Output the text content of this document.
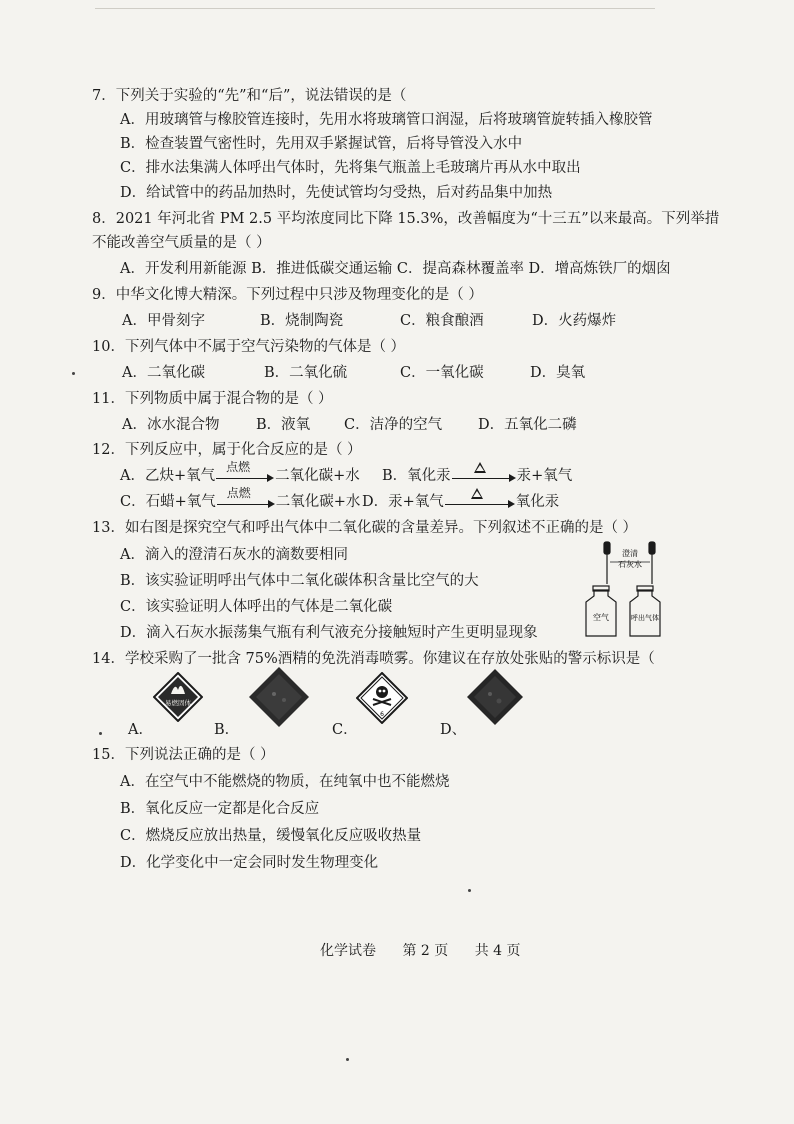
7．下列关于实验的“先”和“后”，说法错误的是（
A．用玻璃管与橡胶管连接时，先用水将玻璃管口润湿，后将玻璃管旋转插入橡胶管
B．检查装置气密性时，先用双手紧握试管，后将导管没入水中
C．排水法集满人体呼出气体时，先将集气瓶盖上毛玻璃片再从水中取出
D．给试管中的药品加热时，先使试管均匀受热，后对药品集中加热
8．2021 年河北省 PM 2.5 平均浓度同比下降 15.3%，改善幅度为“十三五”以来最高。下列举措
不能改善空气质量的是（ ）
A．开发利用新能源 B．推进低碳交通运输 C．提高森林覆盖率 D．增高炼铁厂的烟囱
9．中华文化博大精深。下列过程中只涉及物理变化的是（ ）
A．甲骨刻字	B．烧制陶瓷	C．粮食酿酒	D．火药爆炸
10．下列气体中不属于空气污染物的气体是（ ）
A．二氧化碳	B．二氧化硫	C．一氧化碳	D．臭氧
11．下列物质中属于混合物的是（ ）
A．冰水混合物	B．液氧 C．洁净的空气 D．五氧化二磷
12．下列反应中，属于化合反应的是（ ）
A．乙炔+氧气
点燃
二氧化碳+水 B．氧化汞	汞+氧气
C．石蜡+氧气
点燃
二氧化碳+水 D．汞+氧气	氧化汞
13．如右图是探究空气和呼出气体中二氧化碳的含量差异。下列叙述不正确的是（ ）
A．滴入的澄清石灰水的滴数要相同
B．该实验证明呼出气体中二氧化碳体积含量比空气的大
C．该实验证明人体呼出的气体是二氧化碳
D．滴入石灰水振荡集气瓶有利气液充分接触短时产生更明显现象
澄清
石灰水
空气	呼出气体
14．学校采购了一批含 75%酒精的免洗消毒喷雾。你建议在存放处张贴的警示标识是（
易燃固体
6
A．	B．	C．	D、
15．下列说法正确的是（ ）
A．在空气中不能燃烧的物质，在纯氧中也不能燃烧
B．氧化反应一定都是化合反应
C．燃烧反应放出热量，缓慢氧化反应吸收热量
D．化学变化中一定会同时发生物理变化
化学试卷 第 2 页 共 4 页
